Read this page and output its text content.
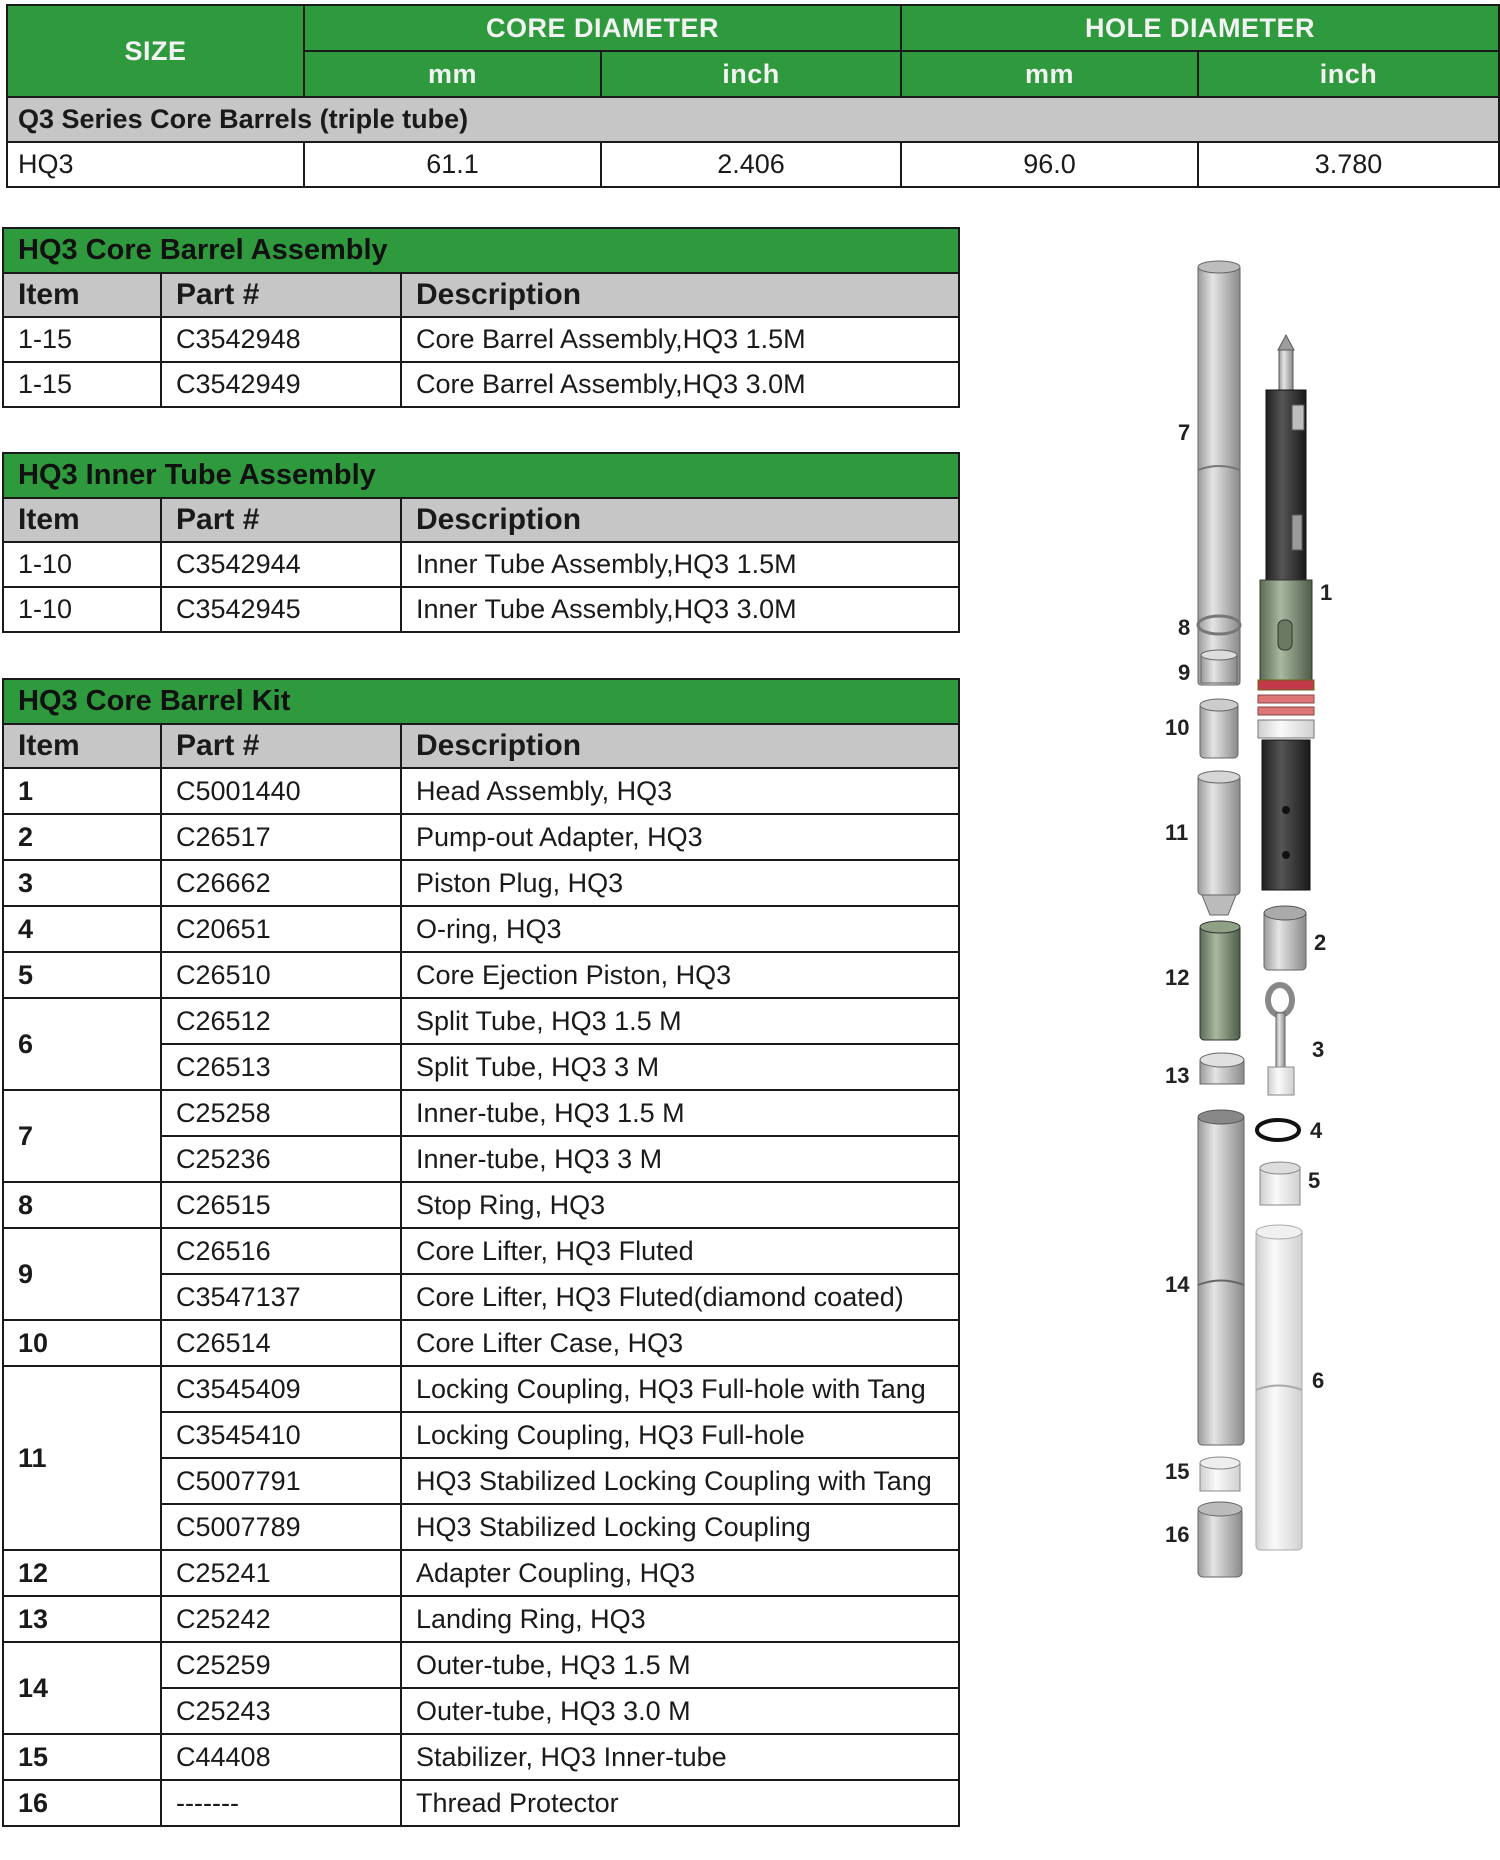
SIZE	CORE DIAMETER		HOLE DIAMETER	
	mm	inch	mm	inch
Q3 Series Core Barrels (triple tube)				
HQ3	61.1	2.406	96.0	3.780
HQ3 Core Barrel Assembly		
Item	Part #	Description
1-15	C3542948	Core Barrel Assembly,HQ3 1.5M
1-15	C3542949	Core Barrel Assembly,HQ3 3.0M
HQ3 Inner Tube Assembly		
Item	Part #	Description
1-10	C3542944	Inner Tube Assembly,HQ3 1.5M
1-10	C3542945	Inner Tube Assembly,HQ3 3.0M
HQ3 Core Barrel Kit		
Item	Part #	Description
1	C5001440	Head Assembly, HQ3
2	C26517	Pump-out Adapter, HQ3
3	C26662	Piston Plug, HQ3
4	C20651	O-ring, HQ3
5	C26510	Core Ejection Piston, HQ3
6	C26512	Split Tube, HQ3 1.5 M
	C26513	Split Tube, HQ3 3 M
7	C25258	Inner-tube, HQ3 1.5 M
	C25236	Inner-tube, HQ3 3 M
8	C26515	Stop Ring, HQ3
9	C26516	Core Lifter, HQ3 Fluted
	C3547137	Core Lifter, HQ3 Fluted(diamond coated)
10	C26514	Core Lifter Case, HQ3
11	C3545409	Locking Coupling, HQ3 Full-hole with Tang
	C3545410	Locking Coupling, HQ3 Full-hole
	C5007791	HQ3 Stabilized Locking Coupling with Tang
	C5007789	HQ3 Stabilized Locking Coupling
12	C25241	Adapter Coupling, HQ3
13	C25242	Landing Ring, HQ3
14	C25259	Outer-tube, HQ3 1.5 M
	C25243	Outer-tube, HQ3 3.0 M
15	C44408	Stabilizer, HQ3 Inner-tube
16	-------	Thread Protector
7
1
8
9
10
11
2
12
3
13
4
5
14
6
15
16
